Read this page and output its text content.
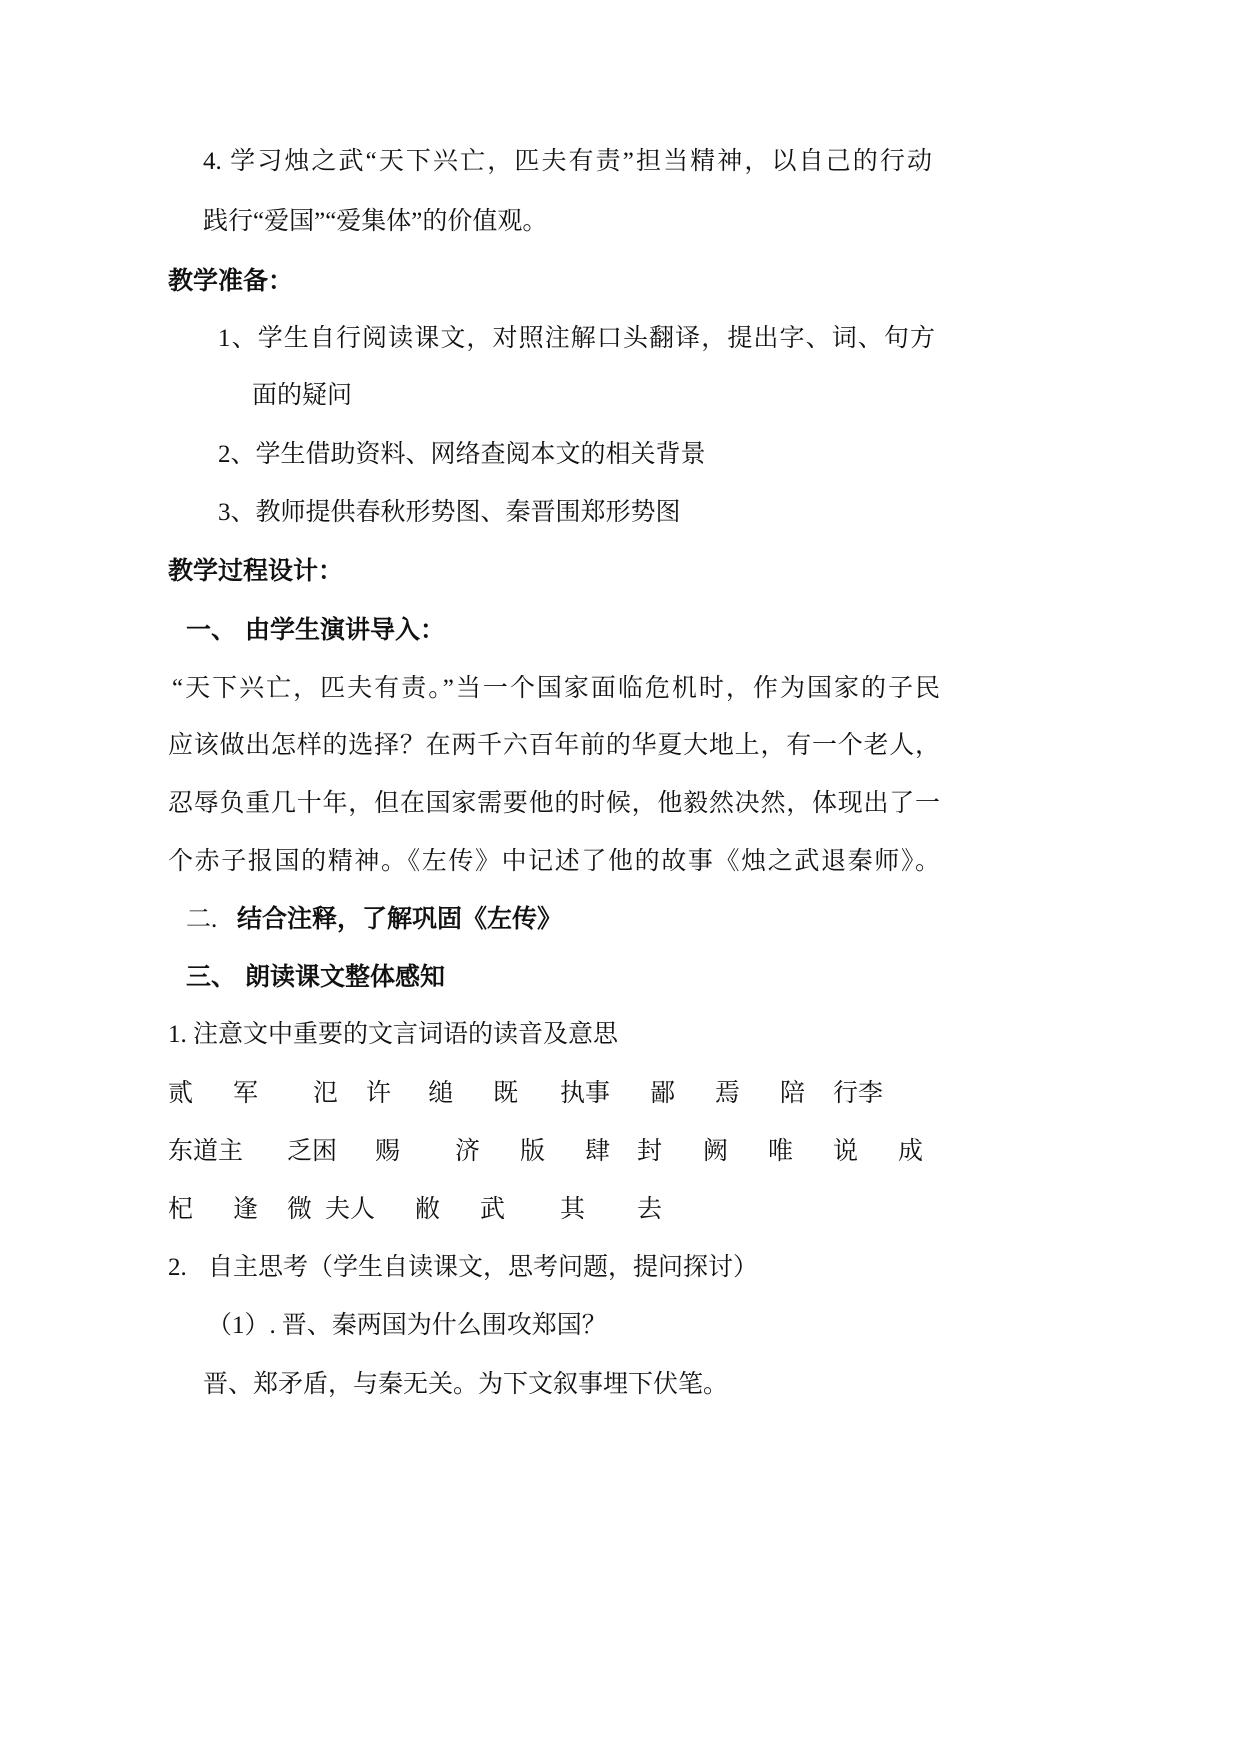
4. 学习烛之武“天下兴亡，匹夫有责”担当精神，以自己的行动
践行“爱国”“爱集体”的价值观。
教学准备：
1、学生自行阅读课文，对照注解口头翻译，提出字、词、句方
面的疑问
2、学生借助资料、网络查阅本文的相关背景
3、教师提供春秋形势图、秦晋围郑形势图
教学过程设计：
一、 由学生演讲导入：
“天下兴亡，匹夫有责。”当一个国家面临危机时，作为国家的子民
应该做出怎样的选择？在两千六百年前的华夏大地上，有一个老人，
忍辱负重几十年，但在国家需要他的时候，他毅然决然，体现出了一
个赤子报国的精神。《左传》中记述了他的故事《烛之武退秦师》。
二. 结合注释，了解巩固《左传》
三、 朗读课文整体感知
1. 注意文中重要的文言词语的读音及意思
贰 军 氾 许 缒 既 执事 鄙 焉 陪 行李
东道主 乏困 赐 济 版 肆 封 阙 唯 说 成
杞 逢 微 夫人 敝 武 其 去
2. 自主思考（学生自读课文，思考问题，提问探讨）
（1）. 晋、秦两国为什么围攻郑国？
晋、郑矛盾，与秦无关。为下文叙事埋下伏笔。
